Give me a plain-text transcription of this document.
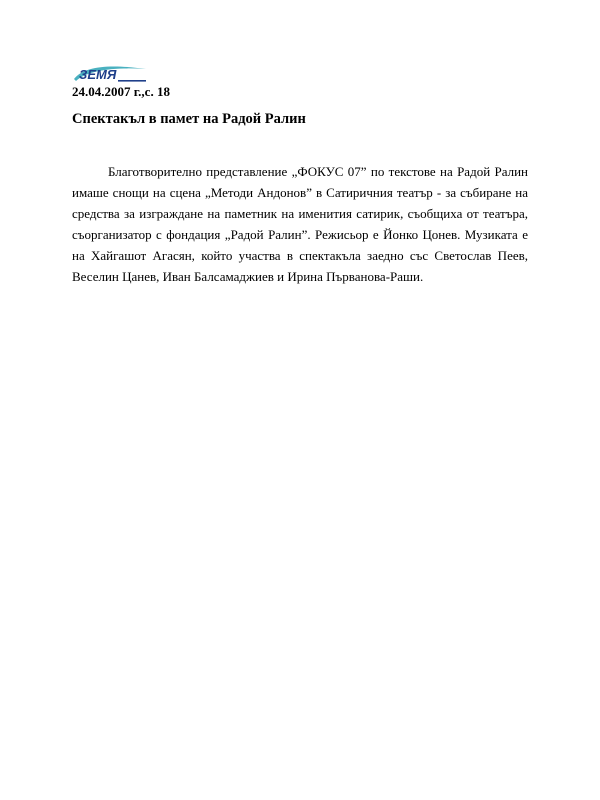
ЗЕМЯ
24.04.2007 г.,с. 18
Спектакъл в памет на Радой Ралин

Благотворително представление „ФОКУС 07” по текстове на Радой Ралин имаше снощи на сцена „Методи Андонов” в Сатиричния театър - за събиране на средства за изграждане на паметник на именития сатирик, съобщиха от театъра, съорганизатор с фондация „Радой Ралин”. Режисьор е Йонко Цонев. Музиката е на Хайгашот Агасян, който участва в спектакъла заедно със Светослав Пеев, Веселин Цанев, Иван Балсамаджиев и Ирина Първанова-Раши.
